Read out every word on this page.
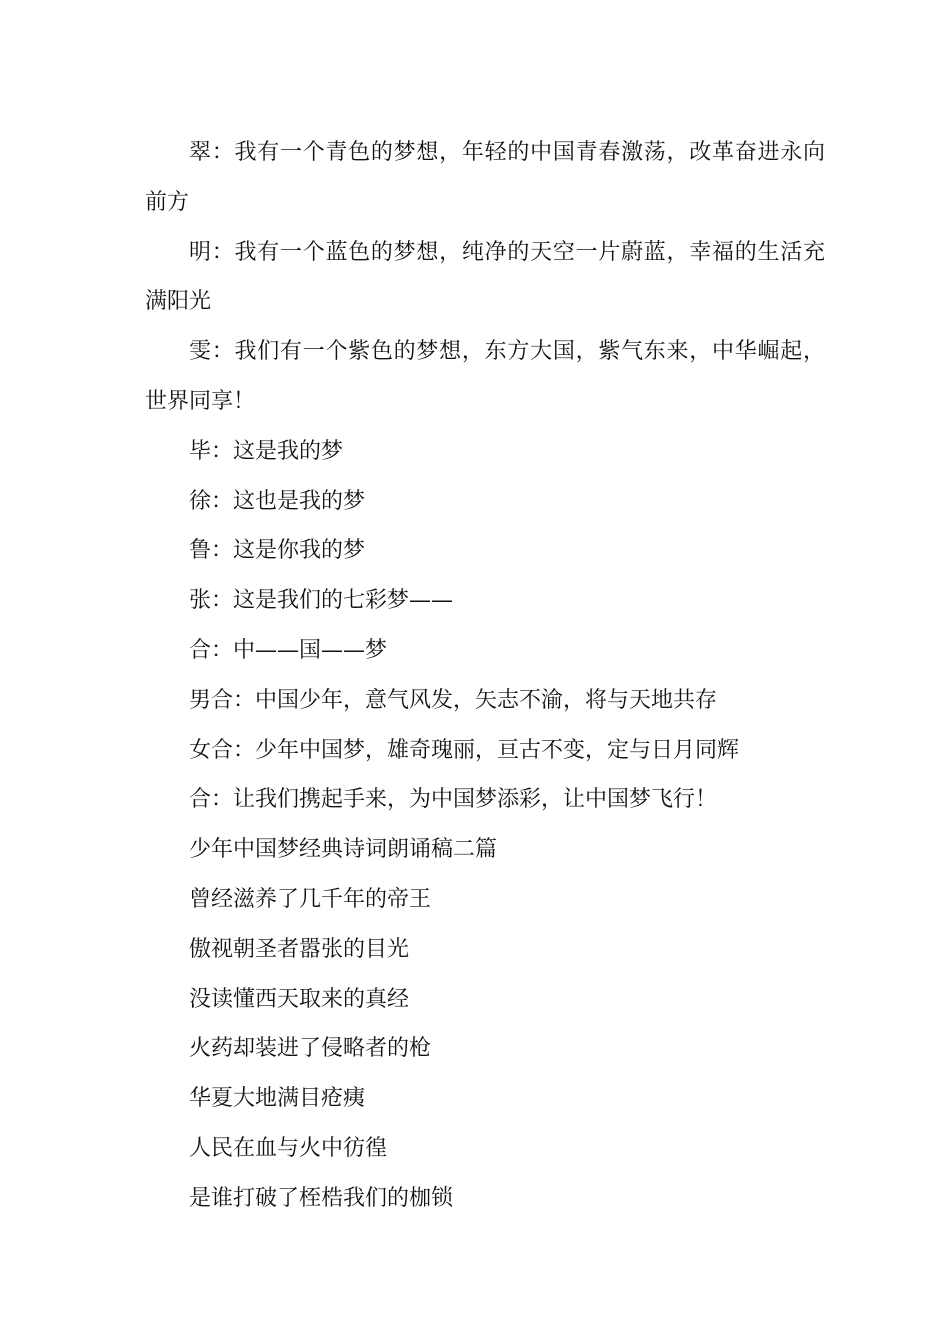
翠：我有一个青色的梦想，年轻的中国青春激荡，改革奋进永向前方

明：我有一个蓝色的梦想，纯净的天空一片蔚蓝，幸福的生活充满阳光

雯：我们有一个紫色的梦想，东方大国，紫气东来，中华崛起，世界同享！

毕：这是我的梦

徐：这也是我的梦

鲁：这是你我的梦

张：这是我们的七彩梦——

合：中——国——梦

男合：中国少年，意气风发，矢志不渝，将与天地共存

女合：少年中国梦，雄奇瑰丽，亘古不变，定与日月同辉

合：让我们携起手来，为中国梦添彩，让中国梦飞行！

少年中国梦经典诗词朗诵稿二篇

曾经滋养了几千年的帝王

傲视朝圣者嚣张的目光

没读懂西天取来的真经

火药却装进了侵略者的枪

华夏大地满目疮痍

人民在血与火中彷徨

是谁打破了桎梏我们的枷锁
